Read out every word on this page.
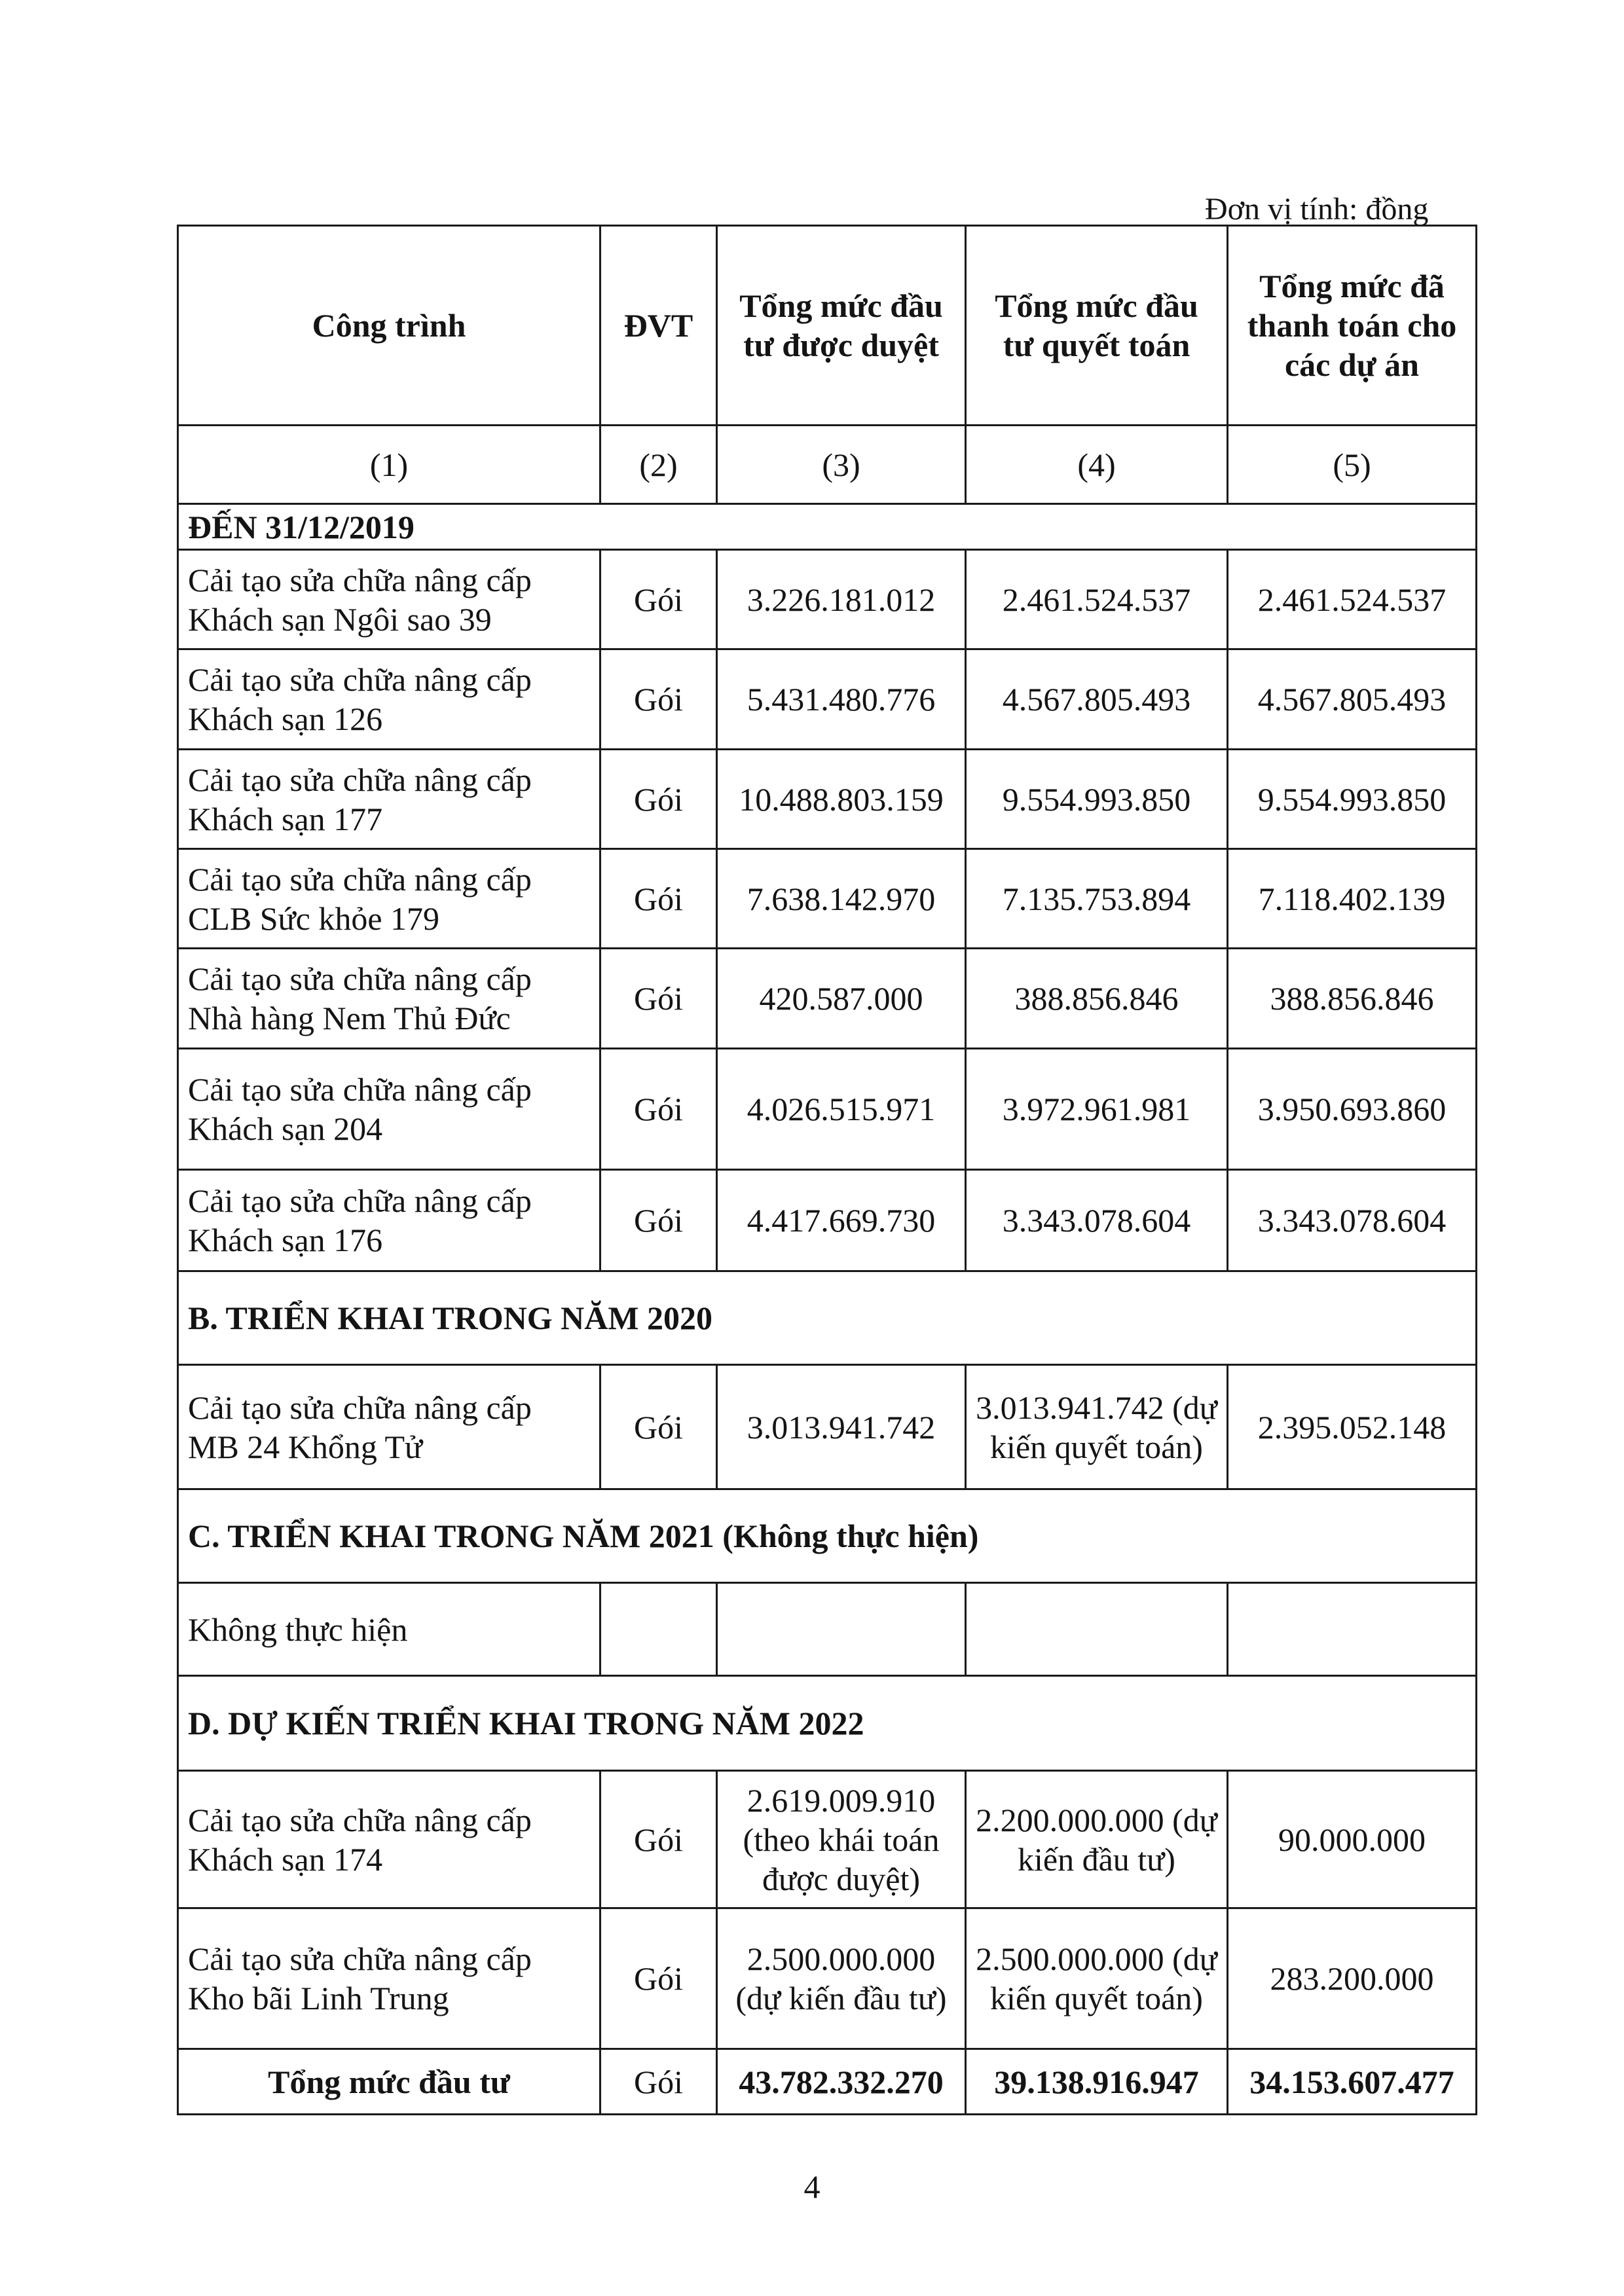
Đơn vị tính: đồng
Công trình	ĐVT	Tổng mức đầu tư được duyệt	Tổng mức đầu tư quyết toán	Tổng mức đã thanh toán cho các dự án
(1)	(2)	(3)	(4)	(5)
ĐẾN 31/12/2019				
Cải tạo sửa chữa nâng cấp Khách sạn Ngôi sao 39	Gói	3.226.181.012	2.461.524.537	2.461.524.537
Cải tạo sửa chữa nâng cấp Khách sạn 126	Gói	5.431.480.776	4.567.805.493	4.567.805.493
Cải tạo sửa chữa nâng cấp Khách sạn 177	Gói	10.488.803.159	9.554.993.850	9.554.993.850
Cải tạo sửa chữa nâng cấp CLB Sức khỏe 179	Gói	7.638.142.970	7.135.753.894	7.118.402.139
Cải tạo sửa chữa nâng cấp Nhà hàng Nem Thủ Đức	Gói	420.587.000	388.856.846	388.856.846
Cải tạo sửa chữa nâng cấp Khách sạn 204	Gói	4.026.515.971	3.972.961.981	3.950.693.860
Cải tạo sửa chữa nâng cấp Khách sạn 176	Gói	4.417.669.730	3.343.078.604	3.343.078.604
B. TRIỂN KHAI TRONG NĂM 2020				
Cải tạo sửa chữa nâng cấp MB 24 Khổng Tử	Gói	3.013.941.742	3.013.941.742 (dự kiến quyết toán)	2.395.052.148
C. TRIỂN KHAI TRONG NĂM 2021 (Không thực hiện)				
Không thực hiện				
D. DỰ KIẾN TRIỂN KHAI TRONG NĂM 2022				
Cải tạo sửa chữa nâng cấp Khách sạn 174	Gói	2.619.009.910 (theo khái toán được duyệt)	2.200.000.000 (dự kiến đầu tư)	90.000.000
Cải tạo sửa chữa nâng cấp Kho bãi Linh Trung	Gói	2.500.000.000 (dự kiến đầu tư)	2.500.000.000 (dự kiến quyết toán)	283.200.000
Tổng mức đầu tư	Gói	43.782.332.270	39.138.916.947	34.153.607.477
4
